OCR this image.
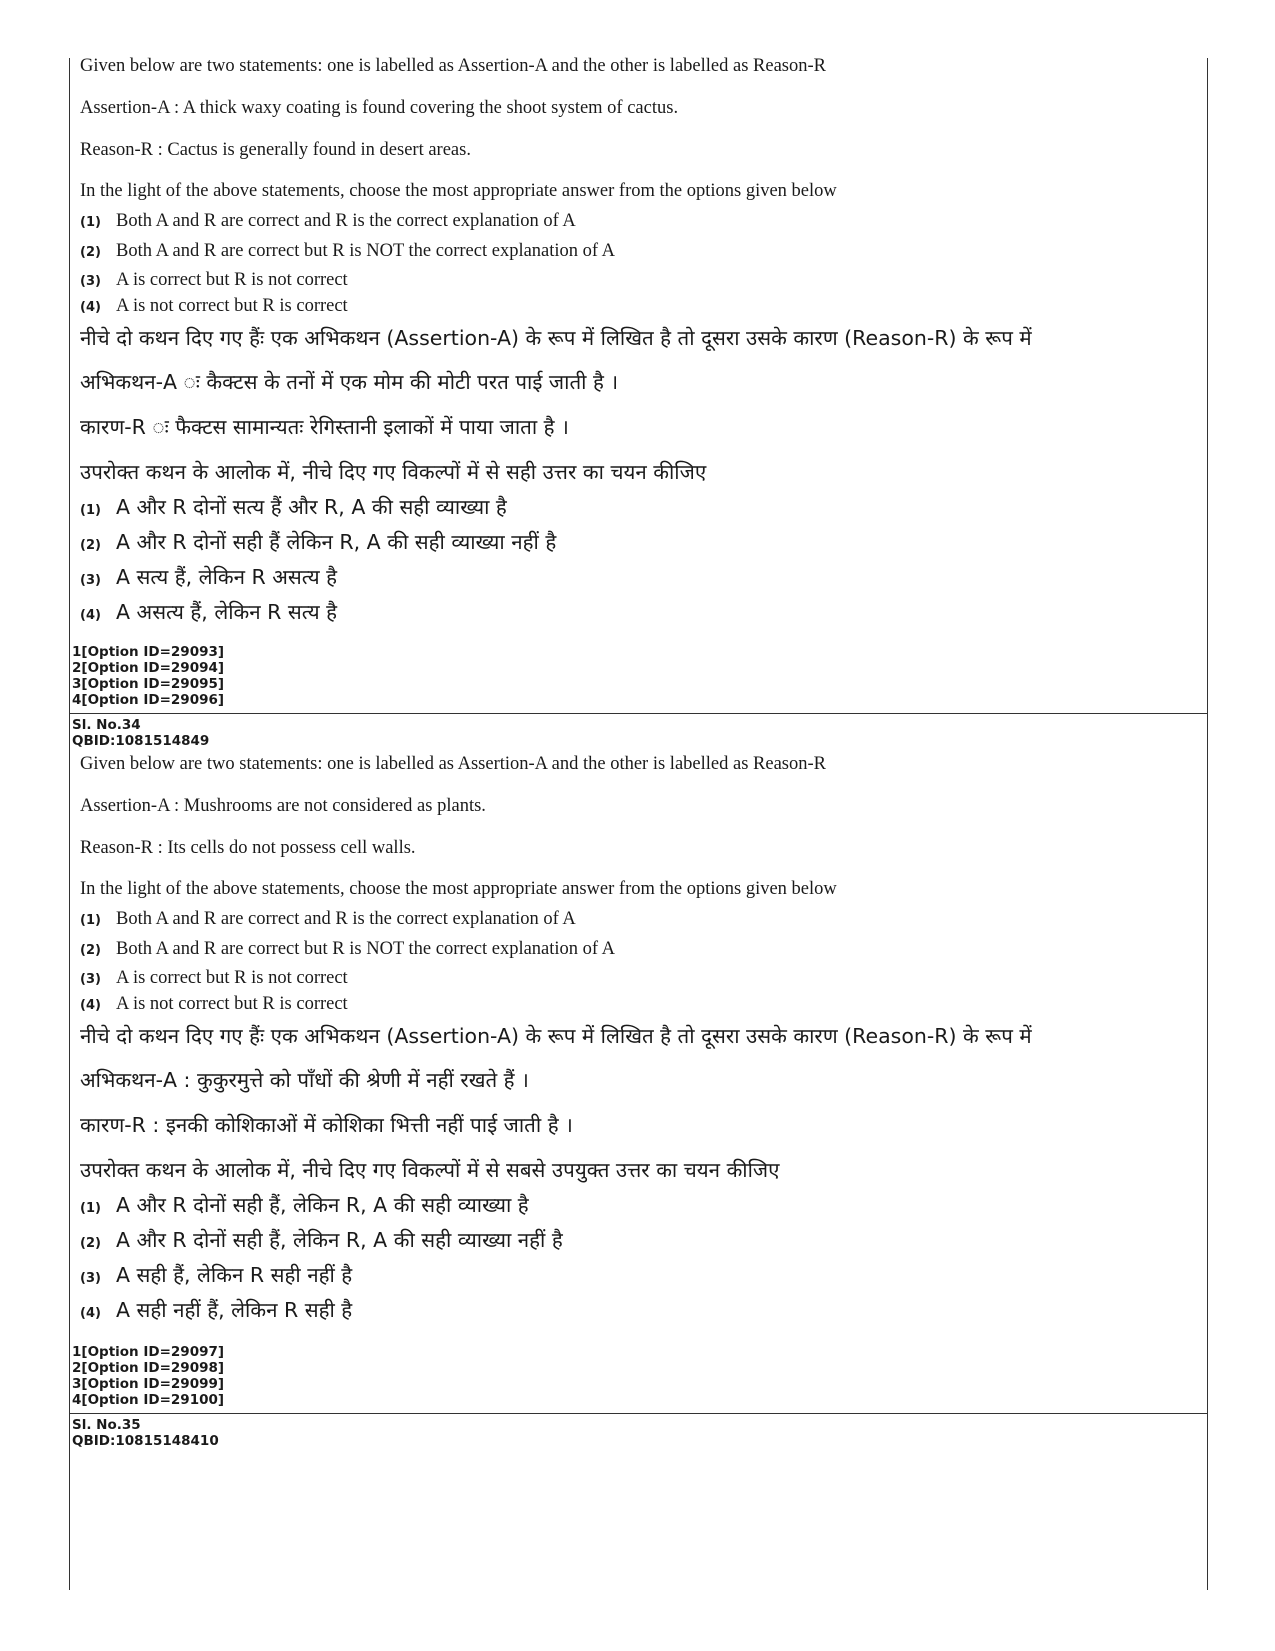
Given below are two statements: one is labelled as Assertion-A and the other is labelled as Reason-R
Assertion-A : A thick waxy coating is found covering the shoot system of cactus.
Reason-R : Cactus is generally found in desert areas.
In the light of the above statements, choose the most appropriate answer from the options given below
(1) Both A and R are correct and R is the correct explanation of A
(2) Both A and R are correct but R is NOT the correct explanation of A
(3) A is correct but R is not correct
(4) A is not correct but R is correct
नीचे दो कथन दिए गए हैंः एक अभिकथन (Assertion-A) के रूप में लिखित है तो दूसरा उसके कारण (Reason-R) के रूप में
अभिकथन-A ः कैक्टस के तनों में एक मोम की मोटी परत पाई जाती है ।
कारण-R ः फैक्टस सामान्यतः रेगिस्तानी इलाकों में पाया जाता है ।
उपरोक्त कथन के आलोक में, नीचे दिए गए विकल्पों में से सही उत्तर का चयन कीजिए
(1) A और R दोनों सत्य हैं और R, A की सही व्याख्या है
(2) A और R दोनों सही हैं लेकिन R, A की सही व्याख्या नहीं है
(3) A सत्य हैं, लेकिन R असत्य है
(4) A असत्य हैं, लेकिन R सत्य है
1[Option ID=29093]
2[Option ID=29094]
3[Option ID=29095]
4[Option ID=29096]
Sl. No.34
QBID:1081514849
Given below are two statements: one is labelled as Assertion-A and the other is labelled as Reason-R
Assertion-A : Mushrooms are not considered as plants.
Reason-R : Its cells do not possess cell walls.
In the light of the above statements, choose the most appropriate answer from the options given below
(1) Both A and R are correct and R is the correct explanation of A
(2) Both A and R are correct but R is NOT the correct explanation of A
(3) A is correct but R is not correct
(4) A is not correct but R is correct
नीचे दो कथन दिए गए हैंः एक अभिकथन (Assertion-A) के रूप में लिखित है तो दूसरा उसके कारण (Reason-R) के रूप में
अभिकथन-A : कुकुरमुत्ते को पाँधों की श्रेणी में नहीं रखते हैं ।
कारण-R : इनकी कोशिकाओं में कोशिका भित्ती नहीं पाई जाती है ।
उपरोक्त कथन के आलोक में, नीचे दिए गए विकल्पों में से सबसे उपयुक्त उत्तर का चयन कीजिए
(1) A और R दोनों सही हैं, लेकिन R, A की सही व्याख्या है
(2) A और R दोनों सही हैं, लेकिन R, A की सही व्याख्या नहीं है
(3) A सही हैं, लेकिन R सही नहीं है
(4) A सही नहीं हैं, लेकिन R सही है
1[Option ID=29097]
2[Option ID=29098]
3[Option ID=29099]
4[Option ID=29100]
Sl. No.35
QBID:10815148410
